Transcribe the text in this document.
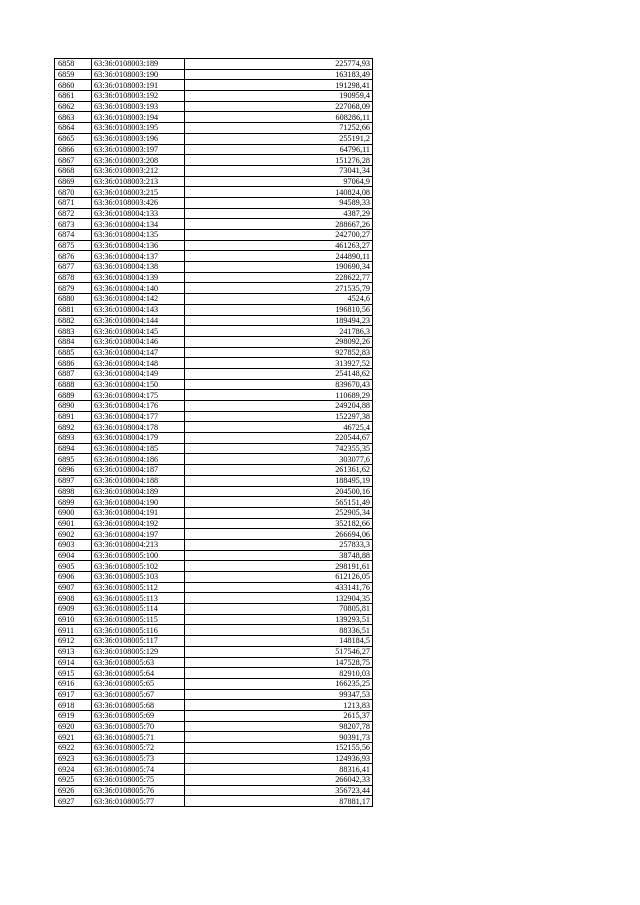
6858	63:36:0108003:189	225774,93
6859	63:36:0108003:190	163183,49
6860	63:36:0108003:191	191298,41
6861	63:36:0108003:192	190959,4
6862	63:36:0108003:193	227068,09
6863	63:36:0108003:194	608286,11
6864	63:36:0108003:195	71252,66
6865	63:36:0108003:196	255191,2
6866	63:36:0108003:197	64796,11
6867	63:36:0108003:208	151276,28
6868	63:36:0108003:212	73041,34
6869	63:36:0108003:213	97064,9
6870	63:36:0108003:215	140824,08
6871	63:36:0108003:426	94589,33
6872	63:36:0108004:133	4387,29
6873	63:36:0108004:134	288667,26
6874	63:36:0108004:135	242700,27
6875	63:36:0108004:136	461263,27
6876	63:36:0108004:137	244890,11
6877	63:36:0108004:138	190690,34
6878	63:36:0108004:139	228622,77
6879	63:36:0108004:140	271535,79
6880	63:36:0108004:142	4524,6
6881	63:36:0108004:143	196810,56
6882	63:36:0108004:144	189494,23
6883	63:36:0108004:145	241786,3
6884	63:36:0108004:146	298092,26
6885	63:36:0108004:147	927852,83
6886	63:36:0108004:148	313927,52
6887	63:36:0108004:149	254148,62
6888	63:36:0108004:150	839670,43
6889	63:36:0108004:175	110689,29
6890	63:36:0108004:176	249204,88
6891	63:36:0108004:177	152297,38
6892	63:36:0108004:178	46725,4
6893	63:36:0108004:179	220544,67
6894	63:36:0108004:185	742355,35
6895	63:36:0108004:186	303077,6
6896	63:36:0108004:187	261361,62
6897	63:36:0108004:188	188495,19
6898	63:36:0108004:189	204500,16
6899	63:36:0108004:190	565151,49
6900	63:36:0108004:191	252905,34
6901	63:36:0108004:192	352182,66
6902	63:36:0108004:197	266694,06
6903	63:36:0108004:213	257833,3
6904	63:36:0108005:100	38748,88
6905	63:36:0108005:102	298191,61
6906	63:36:0108005:103	612126,05
6907	63:36:0108005:112	433141,76
6908	63:36:0108005:113	132904,35
6909	63:36:0108005:114	70805,81
6910	63:36:0108005:115	139293,51
6911	63:36:0108005:116	88336,51
6912	63:36:0108005:117	148184,5
6913	63:36:0108005:129	517546,27
6914	63:36:0108005:63	147528,75
6915	63:36:0108005:64	82910,03
6916	63:36:0108005:65	166235,25
6917	63:36:0108005:67	99347,53
6918	63:36:0108005:68	1213,83
6919	63:36:0108005:69	2615,37
6920	63:36:0108005:70	98207,78
6921	63:36:0108005:71	90391,73
6922	63:36:0108005:72	152155,56
6923	63:36:0108005:73	124936,93
6924	63:36:0108005:74	88316,41
6925	63:36:0108005:75	266042,33
6926	63:36:0108005:76	356723,44
6927	63:36:0108005:77	87881,17
